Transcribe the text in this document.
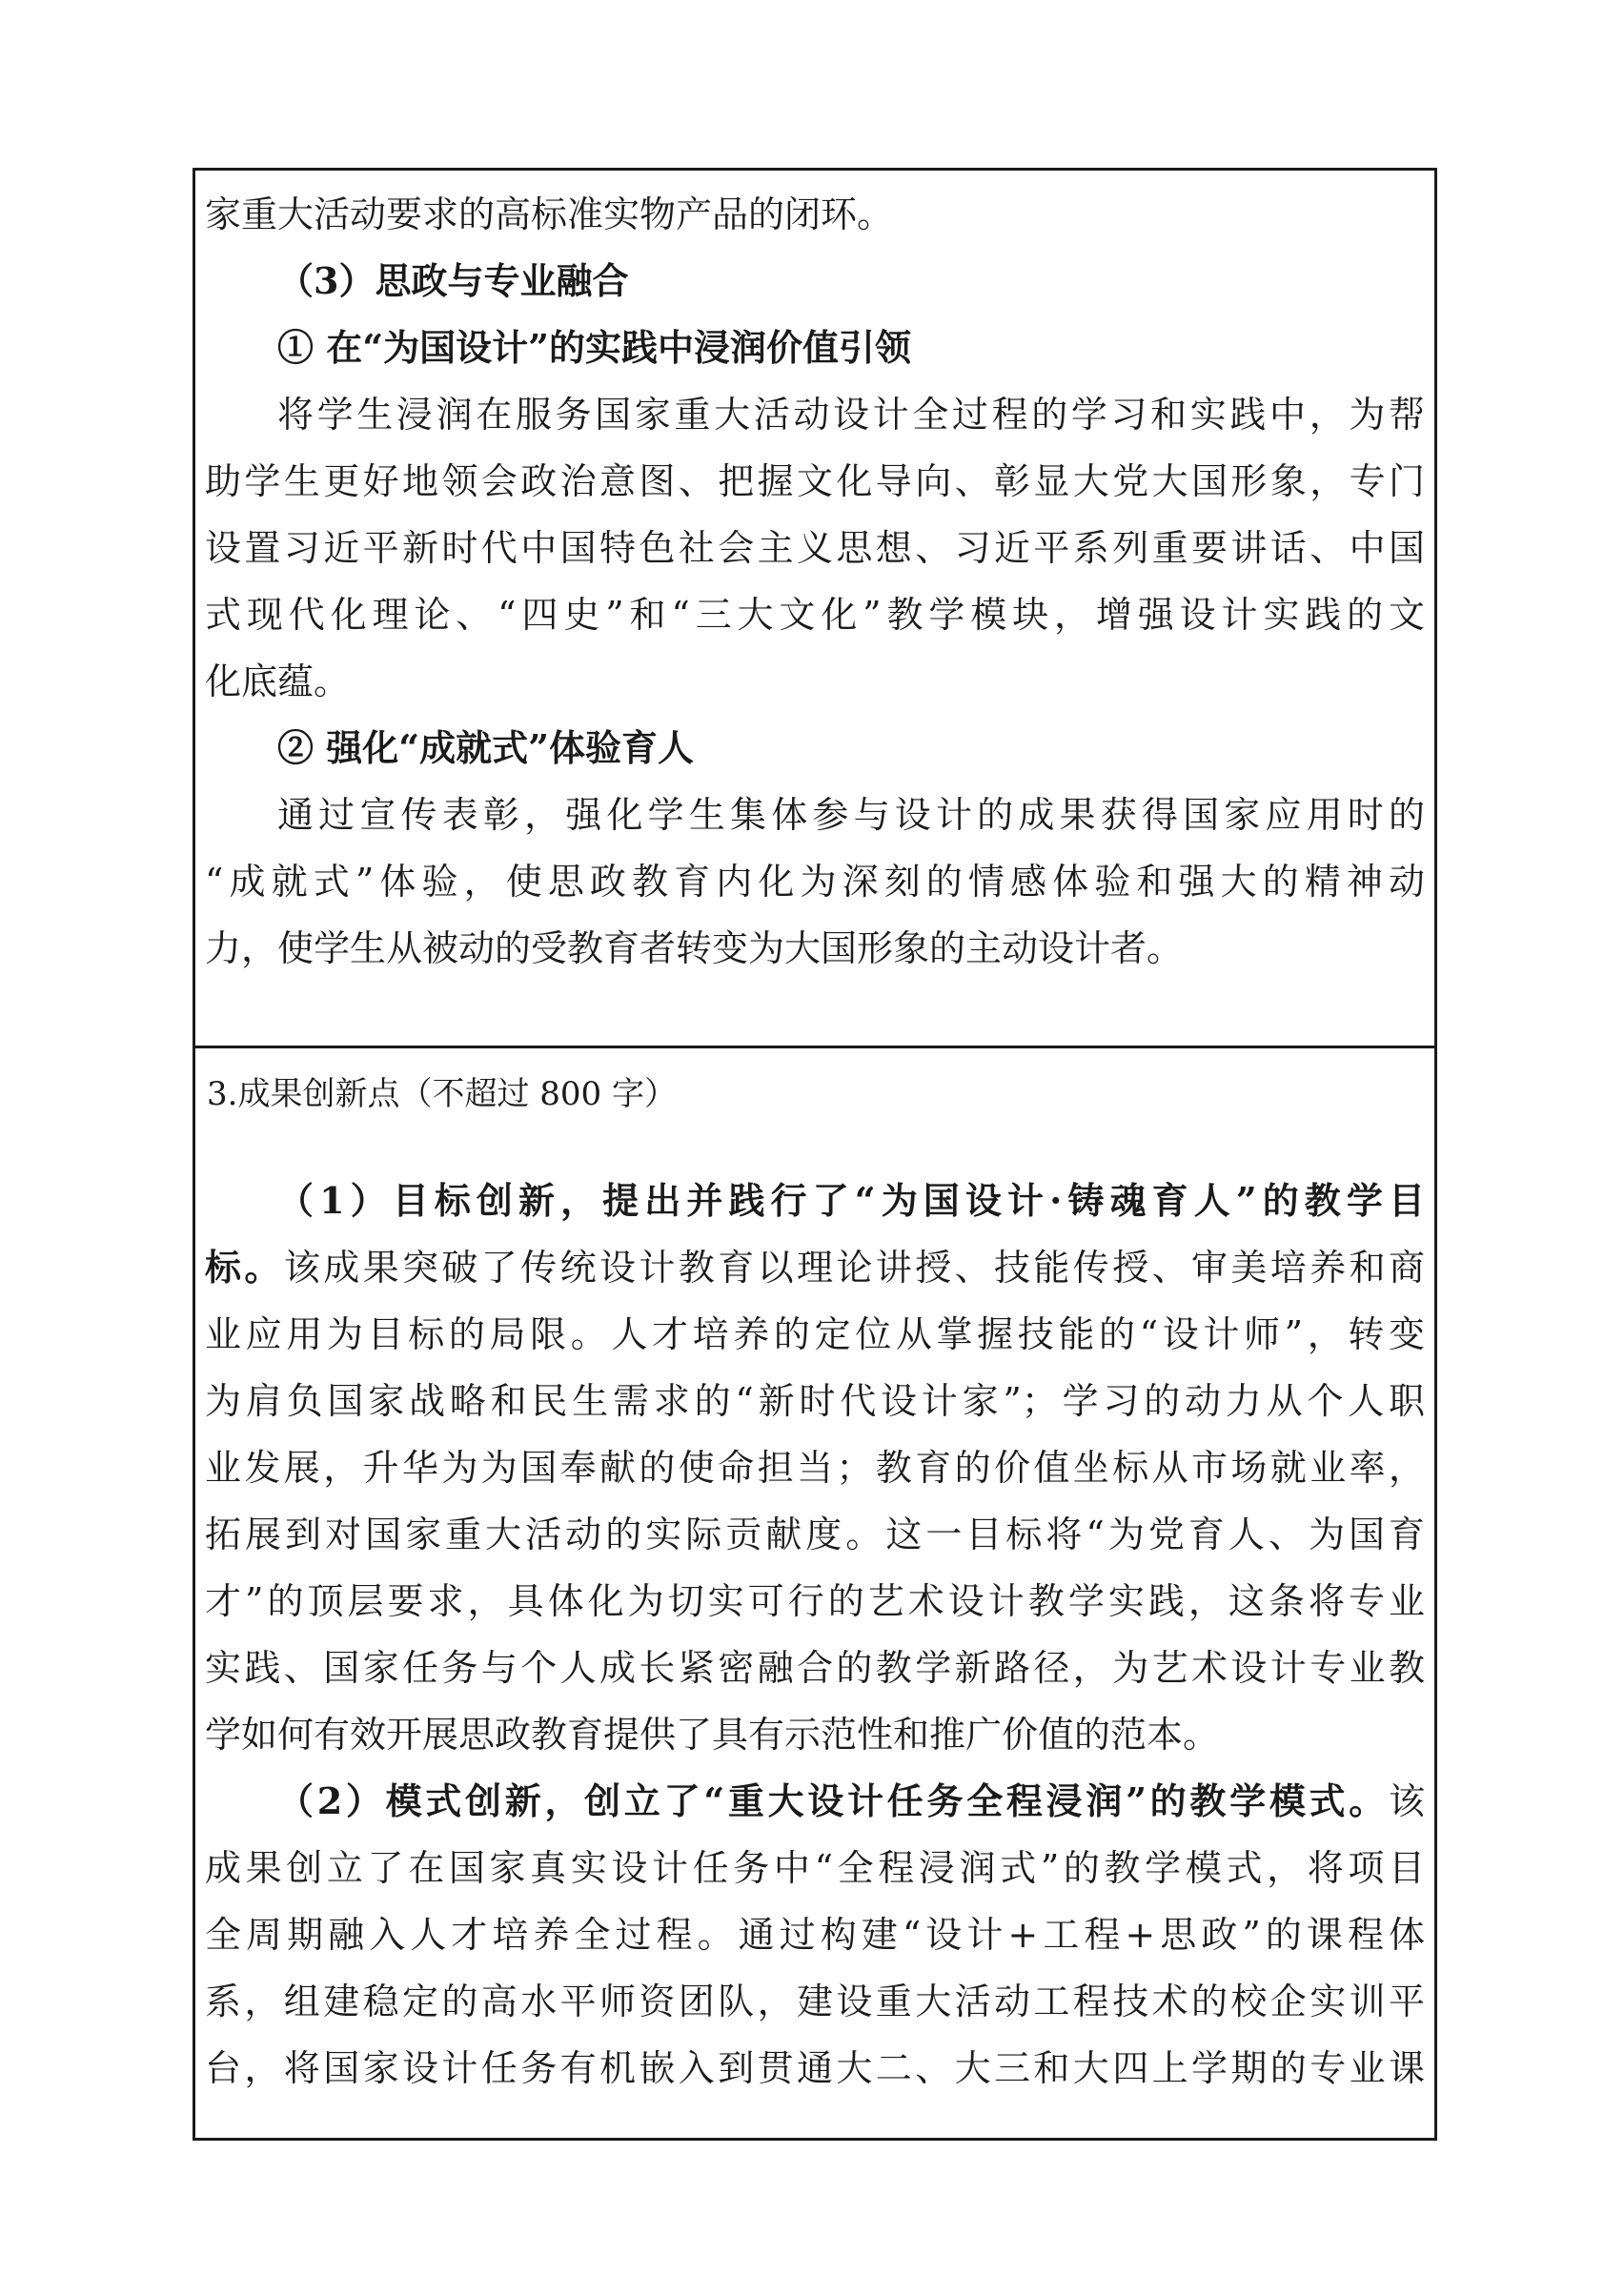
家重大活动要求的高标准实物产品的闭环。
（3）思政与专业融合
① 在“为国设计”的实践中浸润价值引领
将学生浸润在服务国家重大活动设计全过程的学习和实践中，为帮
助学生更好地领会政治意图、把握文化导向、彰显大党大国形象，专门
设置习近平新时代中国特色社会主义思想、习近平系列重要讲话、中国
式现代化理论、“四史”和“三大文化”教学模块，增强设计实践的文
化底蕴。
② 强化“成就式”体验育人
通过宣传表彰，强化学生集体参与设计的成果获得国家应用时的
“成就式”体验，使思政教育内化为深刻的情感体验和强大的精神动
力，使学生从被动的受教育者转变为大国形象的主动设计者。
3.成果创新点（不超过 800 字）
（1）目标创新，提出并践行了“为国设计·铸魂育人”的教学目
标。该成果突破了传统设计教育以理论讲授、技能传授、审美培养和商
业应用为目标的局限。人才培养的定位从掌握技能的“设计师”，转变
为肩负国家战略和民生需求的“新时代设计家”；学习的动力从个人职
业发展，升华为为国奉献的使命担当；教育的价值坐标从市场就业率，
拓展到对国家重大活动的实际贡献度。这一目标将“为党育人、为国育
才”的顶层要求，具体化为切实可行的艺术设计教学实践，这条将专业
实践、国家任务与个人成长紧密融合的教学新路径，为艺术设计专业教
学如何有效开展思政教育提供了具有示范性和推广价值的范本。
（2）模式创新，创立了“重大设计任务全程浸润”的教学模式。该
成果创立了在国家真实设计任务中“全程浸润式”的教学模式，将项目
全周期融入人才培养全过程。通过构建“设计+工程+思政”的课程体
系，组建稳定的高水平师资团队，建设重大活动工程技术的校企实训平
台，将国家设计任务有机嵌入到贯通大二、大三和大四上学期的专业课
